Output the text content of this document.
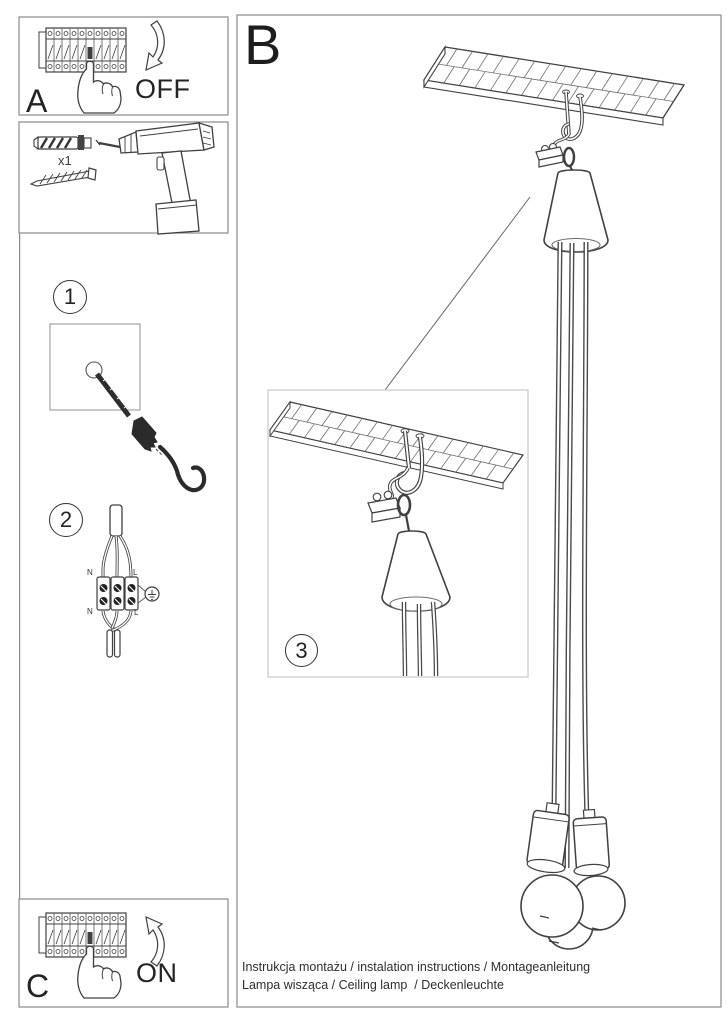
A	OFF
x1
1
2
N	L
N	L
B
3
C	ON	Instrukcja montażu / instalation instructions / Montageanleitung
Lampa wisząca / Ceiling lamp  / Deckenleuchte
